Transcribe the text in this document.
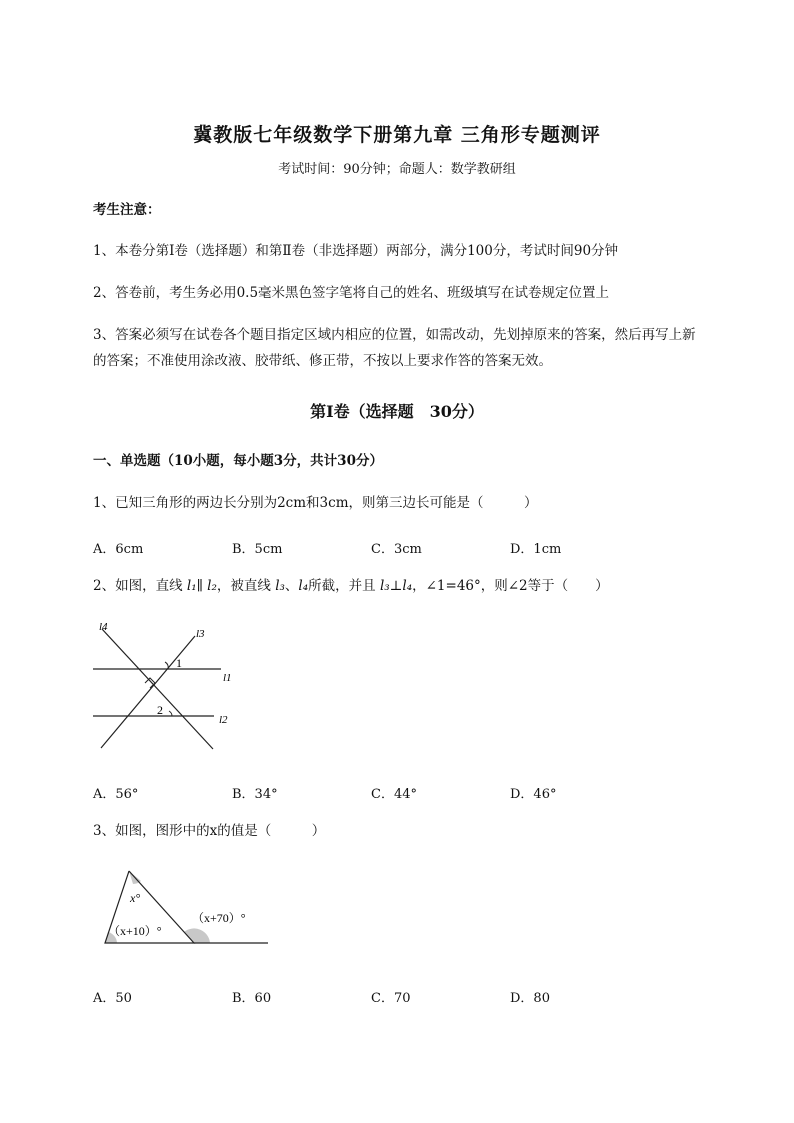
冀教版七年级数学下册第九章 三角形专题测评
考试时间：90分钟；命题人：数学教研组
考生注意：
1、本卷分第I卷（选择题）和第Ⅱ卷（非选择题）两部分，满分100分，考试时间90分钟
2、答卷前，考生务必用0.5毫米黑色签字笔将自己的姓名、班级填写在试卷规定位置上
3、答案必须写在试卷各个题目指定区域内相应的位置，如需改动，先划掉原来的答案，然后再写上新
的答案；不准使用涂改液、胶带纸、修正带，不按以上要求作答的答案无效。
第I卷（选择题　30分）
一、单选题（10小题，每小题3分，共计30分）
1、已知三角形的两边长分别为2cm和3cm，则第三边长可能是（　　　）
A．6cm	B．5cm	C．3cm	D．1cm
2、如图，直线 l₁∥ l₂，被直线 l₃、l₄所截，并且 l₃⊥l₄，∠1=46°，则∠2等于（　　）
l4
l3
l1
l2
1
2
A．56°	B．34°	C．44°	D．46°
3、如图，图形中的x的值是（　　　）
x°
（x+10）°
（x+70）°
A．50	B．60	C．70	D．80
